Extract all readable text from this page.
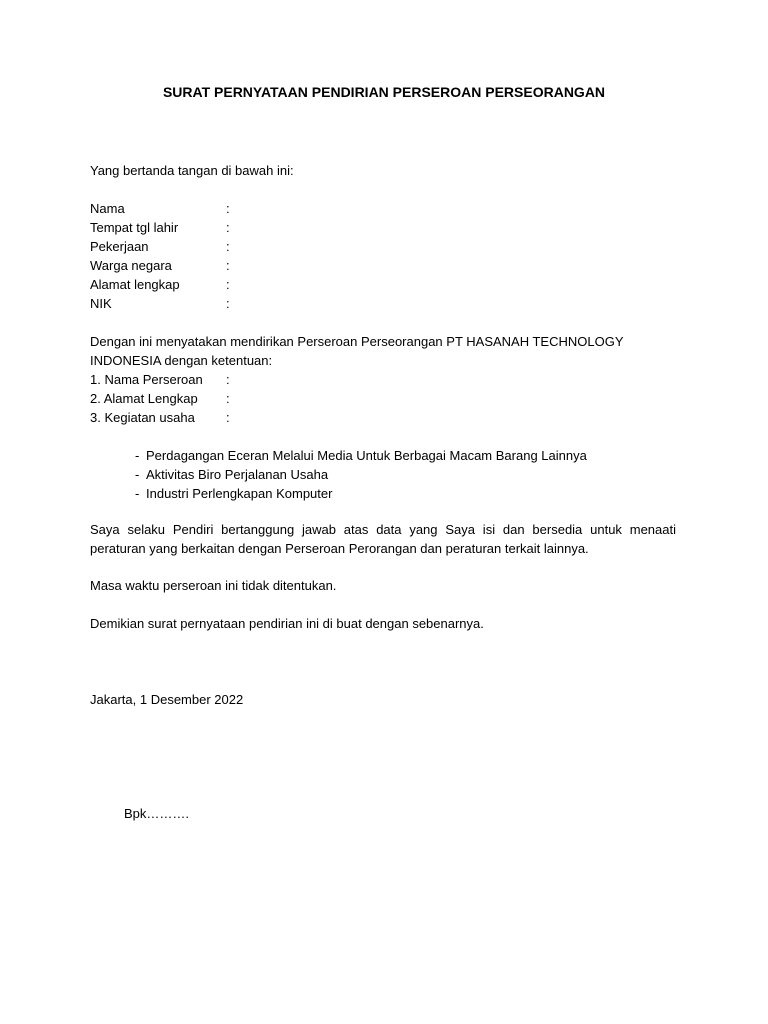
SURAT PERNYATAAN PENDIRIAN PERSEROAN PERSEORANGAN
Yang bertanda tangan di bawah ini:
Nama	:
Tempat tgl lahir	:
Pekerjaan	:
Warga negara	:
Alamat lengkap	:
NIK	:
Dengan ini menyatakan mendirikan Perseroan Perseorangan PT HASANAH TECHNOLOGY
INDONESIA dengan ketentuan:
1. Nama Perseroan :
2. Alamat Lengkap :
3. Kegiatan usaha :
- Perdagangan Eceran Melalui Media Untuk Berbagai Macam Barang Lainnya
- Aktivitas Biro Perjalanan Usaha
- Industri Perlengkapan Komputer
Saya selaku Pendiri bertanggung jawab atas data yang Saya isi dan bersedia untuk menaati
peraturan yang berkaitan dengan Perseroan Perorangan dan peraturan terkait lainnya.
Masa waktu perseroan ini tidak ditentukan.
Demikian surat pernyataan pendirian ini di buat dengan sebenarnya.
Jakarta, 1 Desember 2022
Bpk……….
